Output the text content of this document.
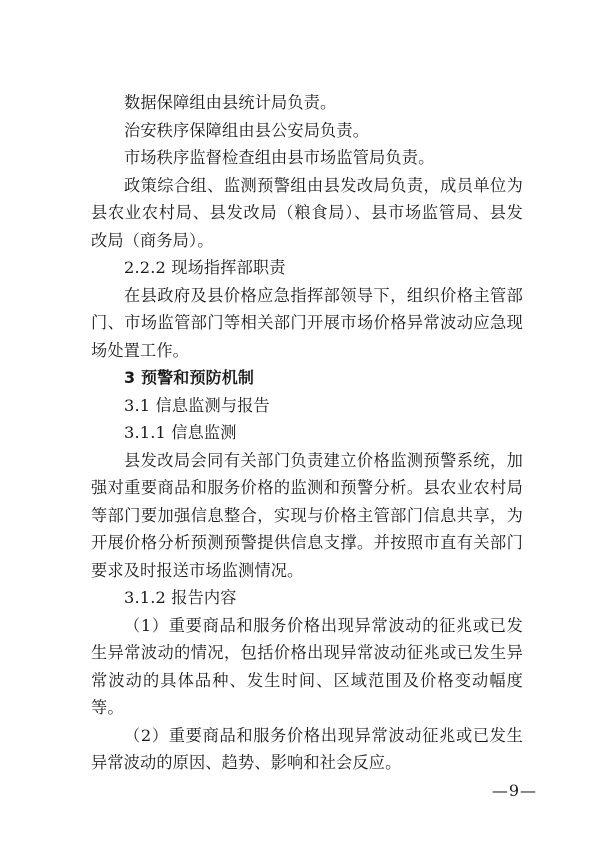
数据保障组由县统计局负责。

治安秩序保障组由县公安局负责。

市场秩序监督检查组由县市场监管局负责。

政策综合组、监测预警组由县发改局负责，成员单位为县农业农村局、县发改局（粮食局）、县市场监管局、县发改局（商务局）。

2.2.2 现场指挥部职责

在县政府及县价格应急指挥部领导下，组织价格主管部门、市场监管部门等相关部门开展市场价格异常波动应急现场处置工作。

3 预警和预防机制

3.1 信息监测与报告

3.1.1 信息监测

县发改局会同有关部门负责建立价格监测预警系统，加强对重要商品和服务价格的监测和预警分析。县农业农村局等部门要加强信息整合，实现与价格主管部门信息共享，为开展价格分析预测预警提供信息支撑。并按照市直有关部门要求及时报送市场监测情况。

3.1.2 报告内容

（1）重要商品和服务价格出现异常波动的征兆或已发生异常波动的情况，包括价格出现异常波动征兆或已发生异常波动的具体品种、发生时间、区域范围及价格变动幅度等。

（2）重要商品和服务价格出现异常波动征兆或已发生异常波动的原因、趋势、影响和社会反应。

—9—
